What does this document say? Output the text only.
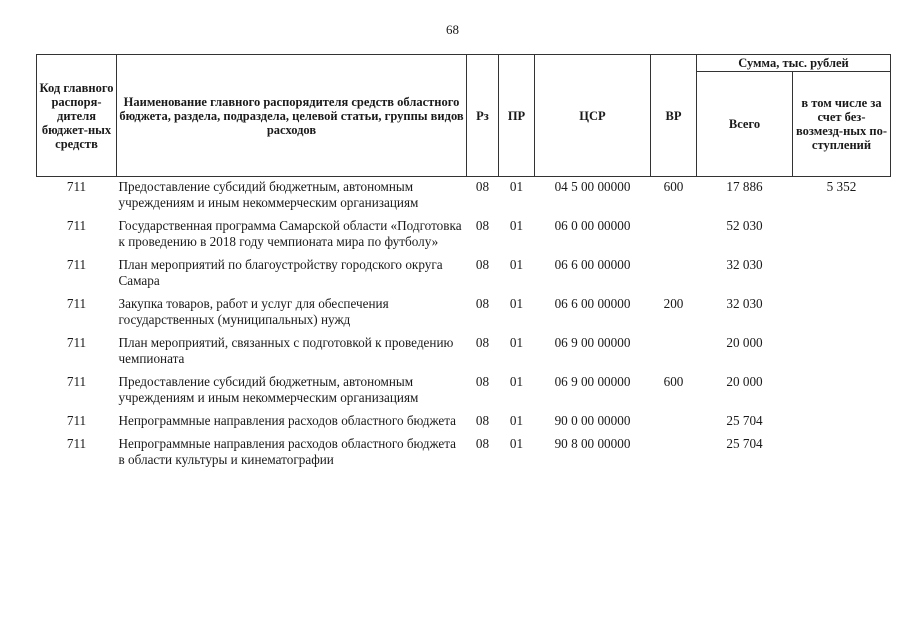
68
Код главного распоря-дителя бюджет-ных средств	Наименование главного распорядителя средств областного бюджета, раздела, подраздела, целевой статьи, группы видов расходов	Рз	ПР	ЦСР	ВР	Сумма, тыс. рублей	
						Всего	в том числе за счет без-возмезд-ных по-ступлений
711	Предоставление субсидий бюджетным, автономным учреждениям и иным некоммерческим организациям	08	01	04 5 00 00000	600	17 886	5 352
711	Государственная программа Самарской области «Подготовка к проведению в 2018 году чемпионата мира по футболу»	08	01	06 0 00 00000		52 030	
711	План мероприятий по благоустройству городского округа Самара	08	01	06 6 00 00000		32 030	
711	Закупка товаров, работ и услуг для обеспечения государственных (муниципальных) нужд	08	01	06 6 00 00000	200	32 030	
711	План мероприятий, связанных с подготовкой к проведению чемпионата	08	01	06 9 00 00000		20 000	
711	Предоставление субсидий бюджетным, автономным учреждениям и иным некоммерческим организациям	08	01	06 9 00 00000	600	20 000	
711	Непрограммные направления расходов областного бюджета	08	01	90 0 00 00000		25 704	
711	Непрограммные направления расходов областного бюджета в области культуры и кинематографии	08	01	90 8 00 00000		25 704	
